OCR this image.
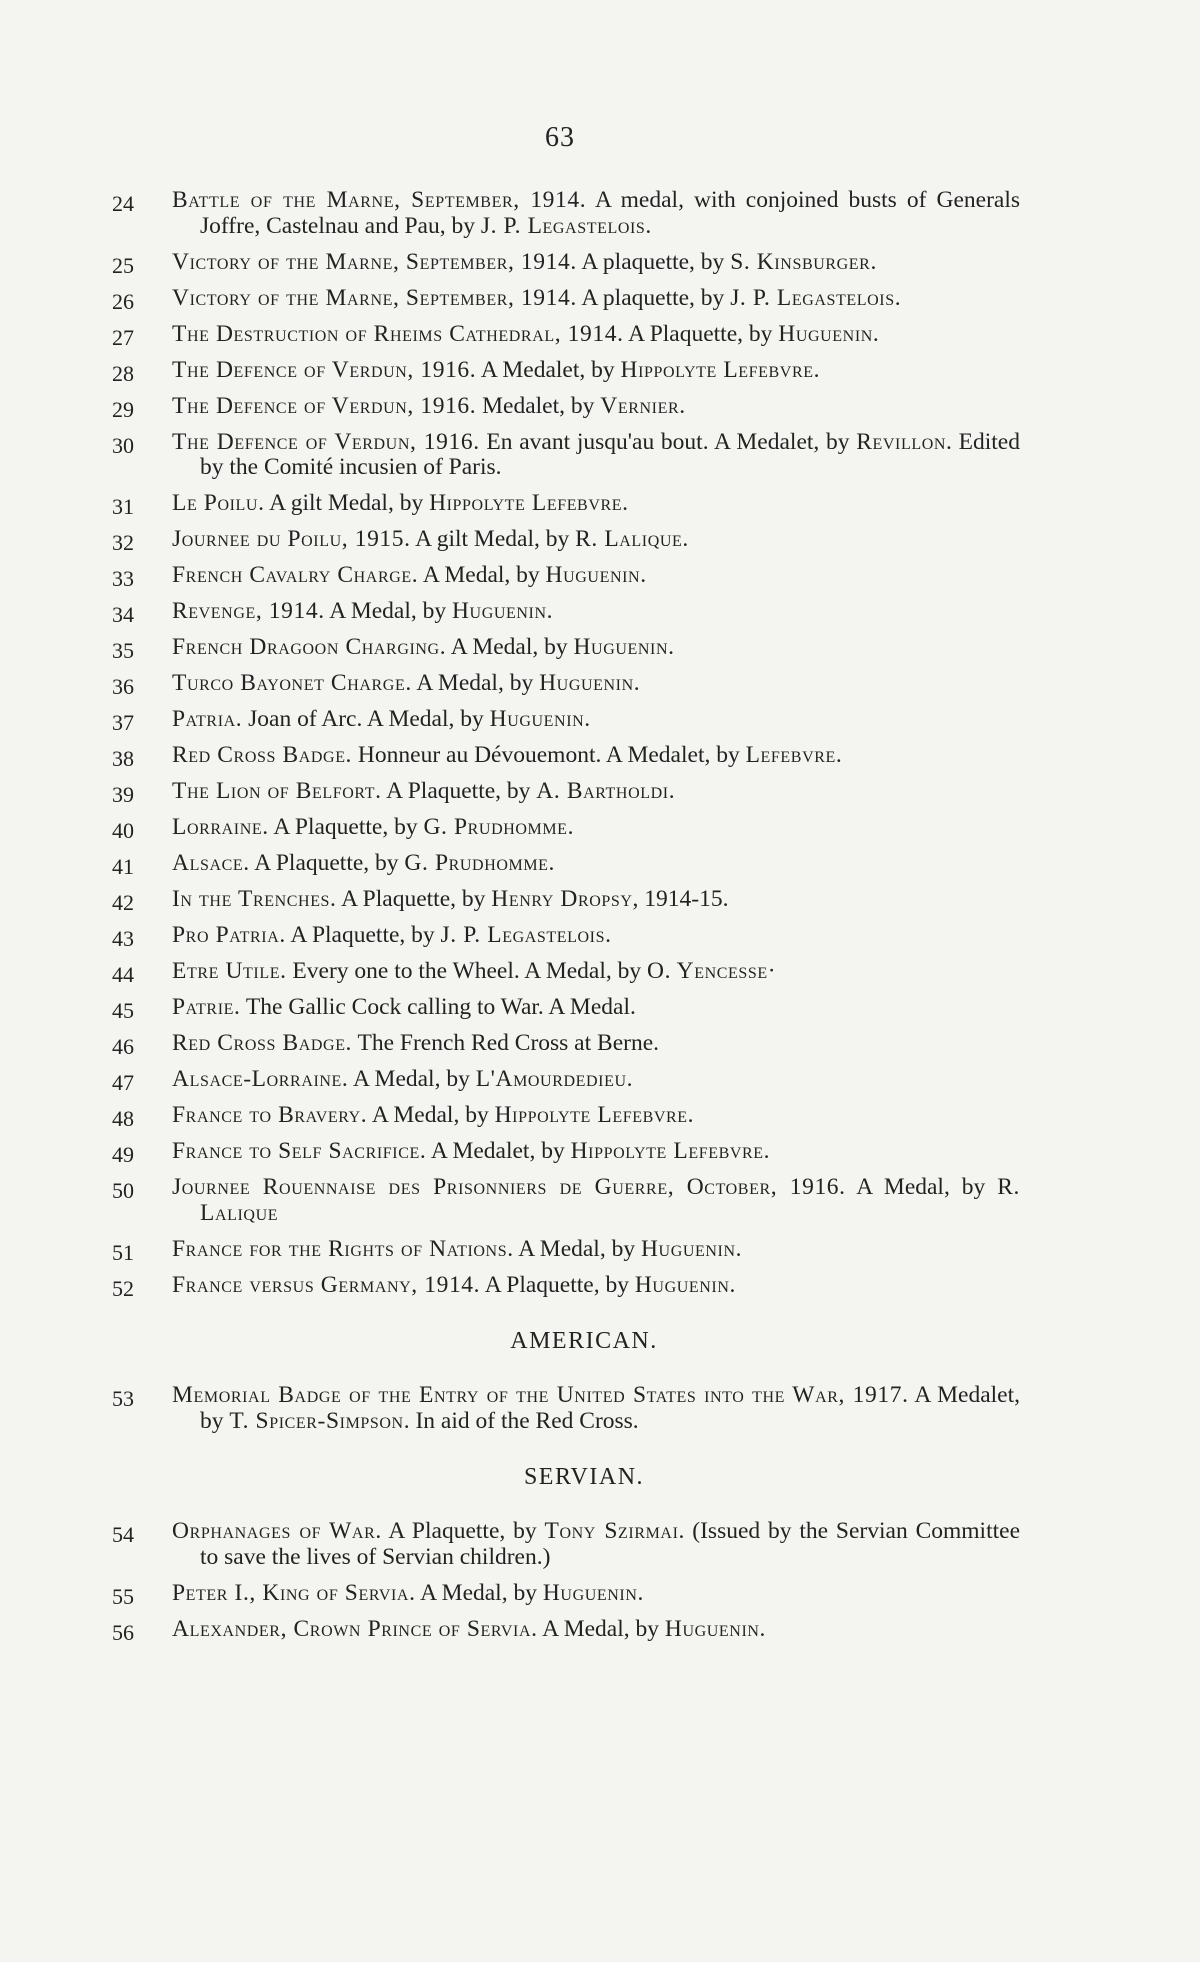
63
24	Battle of the Marne, September, 1914. A medal, with conjoined busts of Generals Joffre, Castelnau and Pau, by J. P. Legastelois.
25	Victory of the Marne, September, 1914. A plaquette, by S. Kinsburger.
26	Victory of the Marne, September, 1914. A plaquette, by J. P. Legastelois.
27	The Destruction of Rheims Cathedral, 1914. A Plaquette, by Huguenin.
28	The Defence of Verdun, 1916. A Medalet, by Hippolyte Lefebvre.
29	The Defence of Verdun, 1916. Medalet, by Vernier.
30	The Defence of Verdun, 1916. En avant jusqu'au bout. A Medalet, by Revillon. Edited by the Comité incusien of Paris.
31	Le Poilu. A gilt Medal, by Hippolyte Lefebvre.
32	Journee du Poilu, 1915. A gilt Medal, by R. Lalique.
33	French Cavalry Charge. A Medal, by Huguenin.
34	Revenge, 1914. A Medal, by Huguenin.
35	French Dragoon Charging. A Medal, by Huguenin.
36	Turco Bayonet Charge. A Medal, by Huguenin.
37	Patria. Joan of Arc. A Medal, by Huguenin.
38	Red Cross Badge. Honneur au Dévouemont. A Medalet, by Lefebvre.
39	The Lion of Belfort. A Plaquette, by A. Bartholdi.
40	Lorraine. A Plaquette, by G. Prudhomme.
41	Alsace. A Plaquette, by G. Prudhomme.
42	In the Trenches. A Plaquette, by Henry Dropsy, 1914-15.
43	Pro Patria. A Plaquette, by J. P. Legastelois.
44	Etre Utile. Every one to the Wheel. A Medal, by O. Yencesse·
45	Patrie. The Gallic Cock calling to War. A Medal.
46	Red Cross Badge. The French Red Cross at Berne.
47	Alsace-Lorraine. A Medal, by L'Amourdedieu.
48	France to Bravery. A Medal, by Hippolyte Lefebvre.
49	France to Self Sacrifice. A Medalet, by Hippolyte Lefebvre.
50	Journee Rouennaise des Prisonniers de Guerre, October, 1916. A Medal, by R. Lalique
51	France for the Rights of Nations. A Medal, by Huguenin.
52	France versus Germany, 1914. A Plaquette, by Huguenin.
AMERICAN.
53	Memorial Badge of the Entry of the United States into the War, 1917. A Medalet, by T. Spicer-Simpson. In aid of the Red Cross.
SERVIAN.
54	Orphanages of War. A Plaquette, by Tony Szirmai. (Issued by the Servian Committee to save the lives of Servian children.)
55	Peter I., King of Servia. A Medal, by Huguenin.
56	Alexander, Crown Prince of Servia. A Medal, by Huguenin.
